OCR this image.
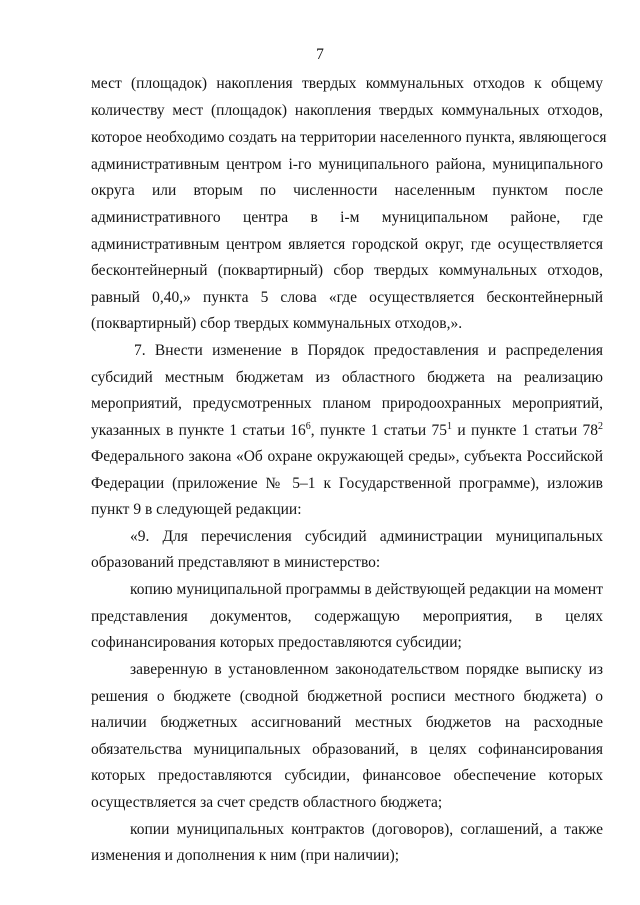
7
мест (площадок) накопления твердых коммунальных отходов к общему
количеству мест (площадок) накопления твердых коммунальных отходов,
которое необходимо создать на территории населенного пункта, являющегося
административным центром i-го муниципального района, муниципального
округа или вторым по численности населенным пунктом после
административного центра в i-м муниципальном районе, где
административным центром является городской округ, где осуществляется
бесконтейнерный (поквартирный) сбор твердых коммунальных отходов,
равный 0,40,» пункта 5 слова «где осуществляется бесконтейнерный
(поквартирный) сбор твердых коммунальных отходов,».
7. Внести изменение в Порядок предоставления и распределения
субсидий местным бюджетам из областного бюджета на реализацию
мероприятий, предусмотренных планом природоохранных мероприятий,
указанных в пункте 1 статьи $16^6$, пункте 1 статьи $75^1$ и пункте 1 статьи $78^2$
Федерального закона «Об охране окружающей среды», субъекта Российской
Федерации (приложение № 5–1 к Государственной программе), изложив
пункт 9 в следующей редакции:
«9. Для перечисления субсидий администрации муниципальных
образований представляют в министерство:
копию муниципальной программы в действующей редакции на момент
представления документов, содержащую мероприятия, в целях
софинансирования которых предоставляются субсидии;
заверенную в установленном законодательством порядке выписку из
решения о бюджете (сводной бюджетной росписи местного бюджета) о
наличии бюджетных ассигнований местных бюджетов на расходные
обязательства муниципальных образований, в целях софинансирования
которых предоставляются субсидии, финансовое обеспечение которых
осуществляется за счет средств областного бюджета;
копии муниципальных контрактов (договоров), соглашений, а также
изменения и дополнения к ним (при наличии);
